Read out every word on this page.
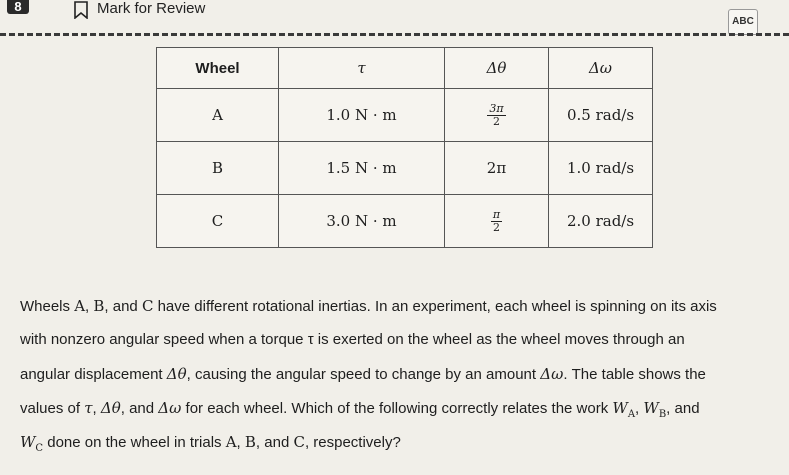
8	Mark for Review
ABC
Wheel	τ	Δθ	Δω
A	1.0 N · m	$\frac{3\pi}{2}$	0.5 rad/s
B	1.5 N · m	2π	1.0 rad/s
C	3.0 N · m	$\frac{\pi}{2}$	2.0 rad/s
Wheels A, B, and C have different rotational inertias. In an experiment, each wheel is spinning on its axis
with nonzero angular speed when a torque τ is exerted on the wheel as the wheel moves through an
angular displacement Δθ, causing the angular speed to change by an amount Δω. The table shows the
values of τ, Δθ, and Δω for each wheel. Which of the following correctly relates the work $W_A$, $W_B$, and
$W_C$ done on the wheel in trials A, B, and C, respectively?
